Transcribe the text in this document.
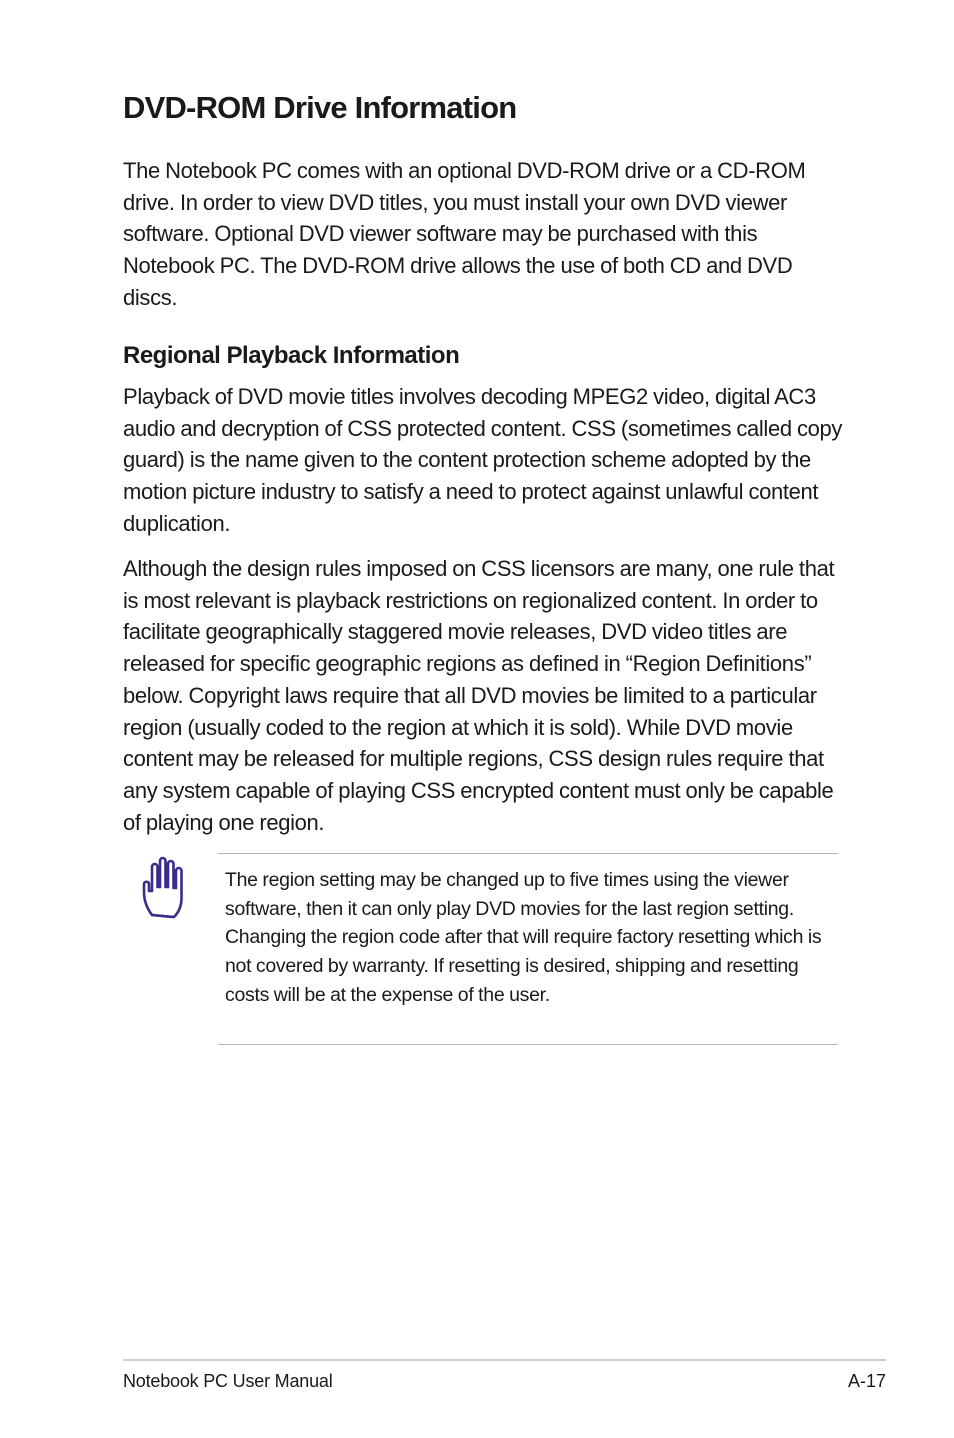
DVD-ROM Drive Information

The Notebook PC comes with an optional DVD-ROM drive or a CD-ROM drive. In order to view DVD titles, you must install your own DVD viewer software. Optional DVD viewer software may be purchased with this Notebook PC. The DVD-ROM drive allows the use of both CD and DVD discs.

Regional Playback Information

Playback of DVD movie titles involves decoding MPEG2 video, digital AC3 audio and decryption of CSS protected content. CSS (sometimes called copy guard) is the name given to the content protection scheme adopted by the motion picture industry to satisfy a need to protect against unlawful content duplication.

Although the design rules imposed on CSS licensors are many, one rule that is most relevant is playback restrictions on regionalized content. In order to facilitate geographically staggered movie releases, DVD video titles are released for specific geographic regions as defined in “Region Definitions” below. Copyright laws require that all DVD movies be limited to a particular region (usually coded to the region at which it is sold). While DVD movie content may be released for multiple regions, CSS design rules require that any system capable of playing CSS encrypted content must only be capable of playing one region.

The region setting may be changed up to five times using the viewer software, then it can only play DVD movies for the last region setting. Changing the region code after that will require factory resetting which is not covered by warranty. If resetting is desired, shipping and resetting costs will be at the expense of the user.

Notebook PC User Manual	A-17
